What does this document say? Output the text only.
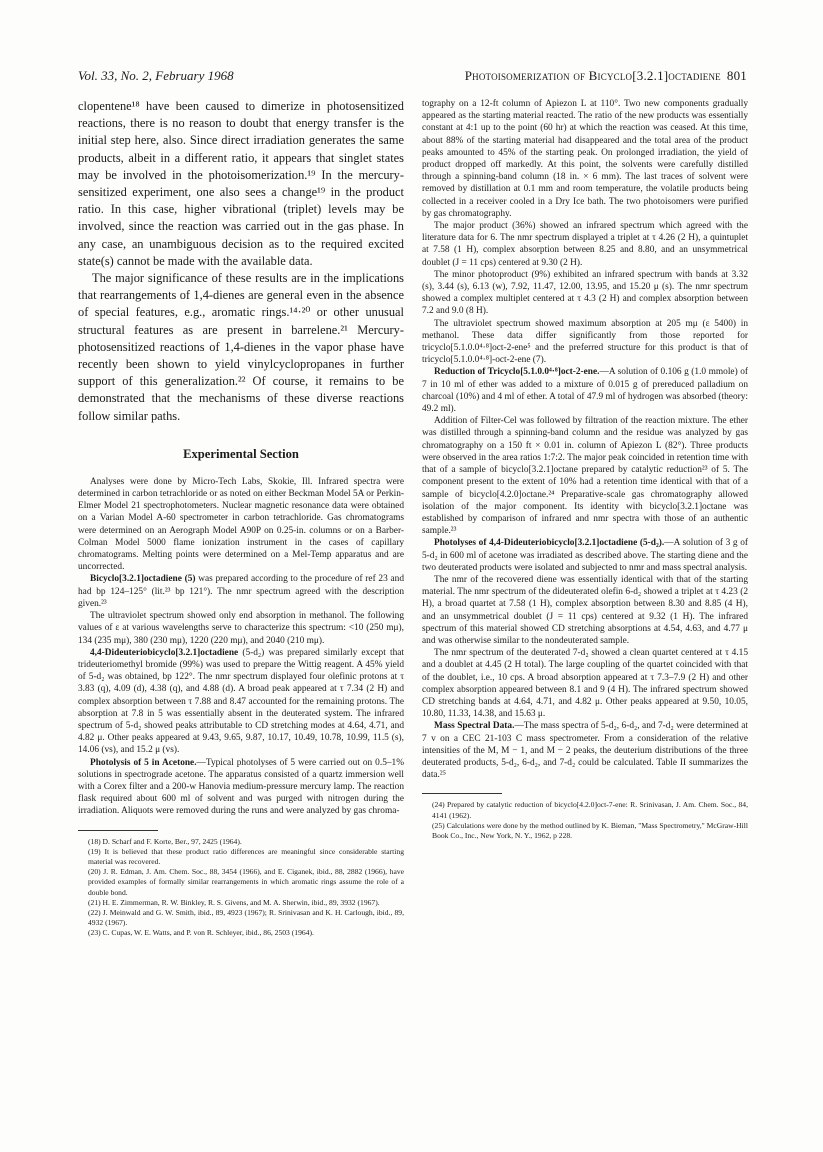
Vol. 33, No. 2, February 1968	Photoisomerization of Bicyclo[3.2.1]octadiene 801

clopentene¹⁸ have been caused to dimerize in photosensitized reactions, there is no reason to doubt that energy transfer is the initial step here, also. Since direct irradiation generates the same products, albeit in a different ratio, it appears that singlet states may be involved in the photoisomerization.¹⁹ In the mercury-sensitized experiment, one also sees a change¹⁹ in the product ratio. In this case, higher vibrational (triplet) levels may be involved, since the reaction was carried out in the gas phase. In any case, an unambiguous decision as to the required excited state(s) cannot be made with the available data.

The major significance of these results are in the implications that rearrangements of 1,4-dienes are general even in the absence of special features, e.g., aromatic rings.¹⁴·²⁰ or other unusual structural features as are present in barrelene.²¹ Mercury-photosensitized reactions of 1,4-dienes in the vapor phase have recently been shown to yield vinylcyclopropanes in further support of this generalization.²² Of course, it remains to be demonstrated that the mechanisms of these diverse reactions follow similar paths.

Experimental Section

Analyses were done by Micro-Tech Labs, Skokie, Ill. Infrared spectra were determined in carbon tetrachloride or as noted on either Beckman Model 5A or Perkin-Elmer Model 21 spectrophotometers. Nuclear magnetic resonance data were obtained on a Varian Model A-60 spectrometer in carbon tetrachloride. Gas chromatograms were determined on an Aerograph Model A90P on 0.25-in. columns or on a Barber-Colman Model 5000 flame ionization instrument in the cases of capillary chromatograms. Melting points were determined on a Mel-Temp apparatus and are uncorrected.

Bicyclo[3.2.1]octadiene (5) was prepared according to the procedure of ref 23 and had bp 124–125° (lit.²³ bp 121°). The nmr spectrum agreed with the description given.²³

The ultraviolet spectrum showed only end absorption in methanol. The following values of ε at various wavelengths serve to characterize this spectrum: <10 (250 mμ), 134 (235 mμ), 380 (230 mμ), 1220 (220 mμ), and 2040 (210 mμ).

4,4-Dideuteriobicyclo[3.2.1]octadiene (5-d₂) was prepared similarly except that trideuteriomethyl bromide (99%) was used to prepare the Wittig reagent. A 45% yield of 5-d₂ was obtained, bp 122°. The nmr spectrum displayed four olefinic protons at τ 3.83 (q), 4.09 (d), 4.38 (q), and 4.88 (d). A broad peak appeared at τ 7.34 (2 H) and complex absorption between τ 7.88 and 8.47 accounted for the remaining protons. The absorption at 7.8 in 5 was essentially absent in the deuterated system. The infrared spectrum of 5-d₂ showed peaks attributable to CD stretching modes at 4.64, 4.71, and 4.82 μ. Other peaks appeared at 9.43, 9.65, 9.87, 10.17, 10.49, 10.78, 10.99, 11.5 (s), 14.06 (vs), and 15.2 μ (vs).

Photolysis of 5 in Acetone.—Typical photolyses of 5 were carried out on 0.5–1% solutions in spectrograde acetone. The apparatus consisted of a quartz immersion well with a Corex filter and a 200-w Hanovia medium-pressure mercury lamp. The reaction flask required about 600 ml of solvent and was purged with nitrogen during the irradiation. Aliquots were removed during the runs and were analyzed by gas chroma-

(18) D. Scharf and F. Korte, Ber., 97, 2425 (1964).

(19) It is believed that these product ratio differences are meaningful since considerable starting material was recovered.

(20) J. R. Edman, J. Am. Chem. Soc., 88, 3454 (1966), and E. Ciganek, ibid., 88, 2882 (1966), have provided examples of formally similar rearrangements in which aromatic rings assume the role of a double bond.

(21) H. E. Zimmerman, R. W. Binkley, R. S. Givens, and M. A. Sherwin, ibid., 89, 3932 (1967).

(22) J. Meinwald and G. W. Smith, ibid., 89, 4923 (1967); R. Srinivasan and K. H. Carlough, ibid., 89, 4932 (1967).

(23) C. Cupas, W. E. Watts, and P. von R. Schleyer, ibid., 86, 2503 (1964).

tography on a 12-ft column of Apiezon L at 110°. Two new components gradually appeared as the starting material reacted. The ratio of the new products was essentially constant at 4:1 up to the point (60 hr) at which the reaction was ceased. At this time, about 88% of the starting material had disappeared and the total area of the product peaks amounted to 45% of the starting peak. On prolonged irradiation, the yield of product dropped off markedly. At this point, the solvents were carefully distilled through a spinning-band column (18 in. × 6 mm). The last traces of solvent were removed by distillation at 0.1 mm and room temperature, the volatile products being collected in a receiver cooled in a Dry Ice bath. The two photoisomers were purified by gas chromatography.

The major product (36%) showed an infrared spectrum which agreed with the literature data for 6. The nmr spectrum displayed a triplet at τ 4.26 (2 H), a quintuplet at 7.58 (1 H), complex absorption between 8.25 and 8.80, and an unsymmetrical doublet (J = 11 cps) centered at 9.30 (2 H).

The minor photoproduct (9%) exhibited an infrared spectrum with bands at 3.32 (s), 3.44 (s), 6.13 (w), 7.92, 11.47, 12.00, 13.95, and 15.20 μ (s). The nmr spectrum showed a complex multiplet centered at τ 4.3 (2 H) and complex absorption between 7.2 and 9.0 (8 H).

The ultraviolet spectrum showed maximum absorption at 205 mμ (ε 5400) in methanol. These data differ significantly from those reported for tricyclo[5.1.0.0⁴·⁸]oct-2-ene⁵ and the preferred structure for this product is that of tricyclo[5.1.0.0⁴·⁸]-oct-2-ene (7).

Reduction of Tricyclo[5.1.0.0⁴·⁸]oct-2-ene.—A solution of 0.106 g (1.0 mmole) of 7 in 10 ml of ether was added to a mixture of 0.015 g of prereduced palladium on charcoal (10%) and 4 ml of ether. A total of 47.9 ml of hydrogen was absorbed (theory: 49.2 ml).

Addition of Filter-Cel was followed by filtration of the reaction mixture. The ether was distilled through a spinning-band column and the residue was analyzed by gas chromatography on a 150 ft × 0.01 in. column of Apiezon L (82°). Three products were observed in the area ratios 1:7:2. The major peak coincided in retention time with that of a sample of bicyclo[3.2.1]octane prepared by catalytic reduction²³ of 5. The component present to the extent of 10% had a retention time identical with that of a sample of bicyclo[4.2.0]octane.²⁴ Preparative-scale gas chromatography allowed isolation of the major component. Its identity with bicyclo[3.2.1]octane was established by comparison of infrared and nmr spectra with those of an authentic sample.²³

Photolyses of 4,4-Dideuteriobicyclo[3.2.1]octadiene (5-d₂).—A solution of 3 g of 5-d₂ in 600 ml of acetone was irradiated as described above. The starting diene and the two deuterated products were isolated and subjected to nmr and mass spectral analysis.

The nmr of the recovered diene was essentially identical with that of the starting material. The nmr spectrum of the dideuterated olefin 6-d₂ showed a triplet at τ 4.23 (2 H), a broad quartet at 7.58 (1 H), complex absorption between 8.30 and 8.85 (4 H), and an unsymmetrical doublet (J = 11 cps) centered at 9.32 (1 H). The infrared spectrum of this material showed CD stretching absorptions at 4.54, 4.63, and 4.77 μ and was otherwise similar to the nondeuterated sample.

The nmr spectrum of the deuterated 7-d₂ showed a clean quartet centered at τ 4.15 and a doublet at 4.45 (2 H total). The large coupling of the quartet coincided with that of the doublet, i.e., 10 cps. A broad absorption appeared at τ 7.3–7.9 (2 H) and other complex absorption appeared between 8.1 and 9 (4 H). The infrared spectrum showed CD stretching bands at 4.64, 4.71, and 4.82 μ. Other peaks appeared at 9.50, 10.05, 10.80, 11.33, 14.38, and 15.63 μ.

Mass Spectral Data.—The mass spectra of 5-d₂, 6-d₂, and 7-d₂ were determined at 7 v on a CEC 21-103 C mass spectrometer. From a consideration of the relative intensities of the M, M − 1, and M − 2 peaks, the deuterium distributions of the three deuterated products, 5-d₂, 6-d₂, and 7-d₂ could be calculated. Table II summarizes the data.²⁵

(24) Prepared by catalytic reduction of bicyclo[4.2.0]oct-7-ene: R. Srinivasan, J. Am. Chem. Soc., 84, 4141 (1962).

(25) Calculations were done by the method outlined by K. Bieman, "Mass Spectrometry," McGraw-Hill Book Co., Inc., New York, N. Y., 1962, p 228.
